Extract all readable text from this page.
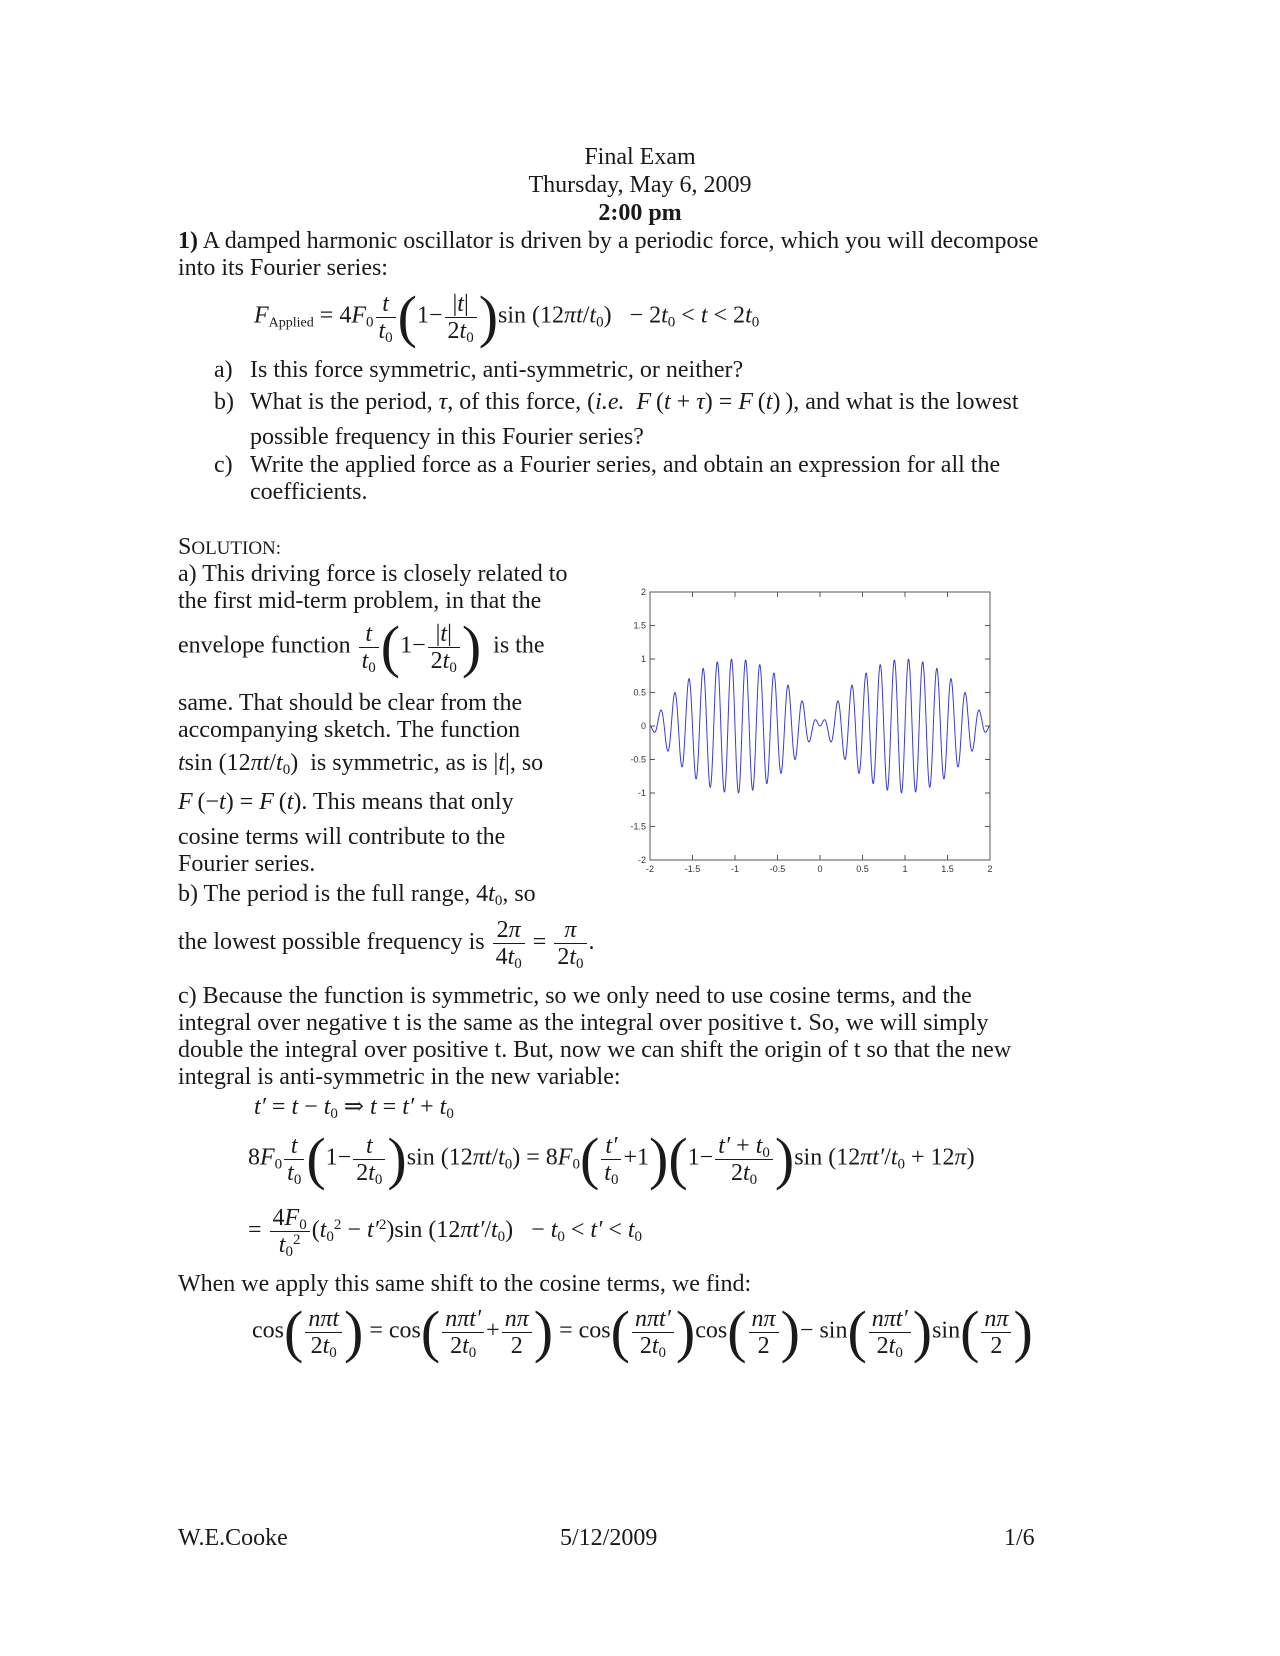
Final Exam
Thursday, May 6, 2009
2:00 pm
1) A damped harmonic oscillator is driven by a periodic force, which you will decompose
into its Fourier series:
$F_{Applied} = 4F_0 \frac{t}{t_0} (1- \frac{|t|}{2t_0} )\sin$ $(12\pi t/t_0) - 2t_0 < t < 2t_0$
a) Is this force symmetric, anti-symmetric, or neither?
b) What is the period, τ, of this force, (i.e. F (t + τ) = F (t) ), and what is the lowest
possible frequency in this Fourier series?
c) Write the applied force as a Fourier series, and obtain an expression for all the
coefficients.
SOLUTION:
a) This driving force is closely related to
the first mid-term problem, in that the
envelope function $\frac{t}{t_0} (1- \frac{|t|}{2t_0}$ ) is the
same. That should be clear from the
accompanying sketch. The function
tsin $(12\pi t/t_0)$  is symmetric, as is |t|, so
F (−t) = F (t). This means that only
cosine terms will contribute to the
Fourier series.
b) The period is the full range, $4t_0$, so
the lowest possible frequency is $\frac{2\pi}{4t_0} = \frac{\pi}{2t_0}$ .
c) Because the function is symmetric, so we only need to use cosine terms, and the
integral over negative t is the same as the integral over positive t. So, we will simply
double the integral over positive t. But, now we can shift the origin of t so that the new
integral is anti-symmetric in the new variable:
$t' = t - t_0$ ⇒ $t = t' + t_0$
$8F_0 \frac{t}{t_0} (1- \frac{t}{2t_0} )\sin$ $(12\pi t/t_0) = 8F_0( \frac{t'}{t_0} +1)(1- \frac{t' + t_0}{2t_0} )\sin$ $(12\pi t'/t_0 + 12\pi)$
= $\frac{4F_0}{t_0^2} (t_0^2 - t'^2)\sin$ $(12\pi t'/t_0) - t_0 < t' < t_0$
When we apply this same shift to the cosine terms, we find:
$\cos( \frac{\text{nπt}}{2t_0}$ ) = $\cos( \frac{\text{nπt′}}{2t_0} + \frac{n\pi}{2}$ ) = $\cos( \frac{\text{nπt′}}{2t_0} )\cos( \frac{n\pi}{2}$ )− $\sin( \frac{\text{nπt′}}{2t_0} )\sin( \frac{n\pi}{2}$ )
-2	-1.5	-1	-0.5	0	0.5	1	1.5	2
2
1.5
1
0.5
0
-0.5
-1
-1.5
-2
W.E.Cooke	5/12/2009	1/6
